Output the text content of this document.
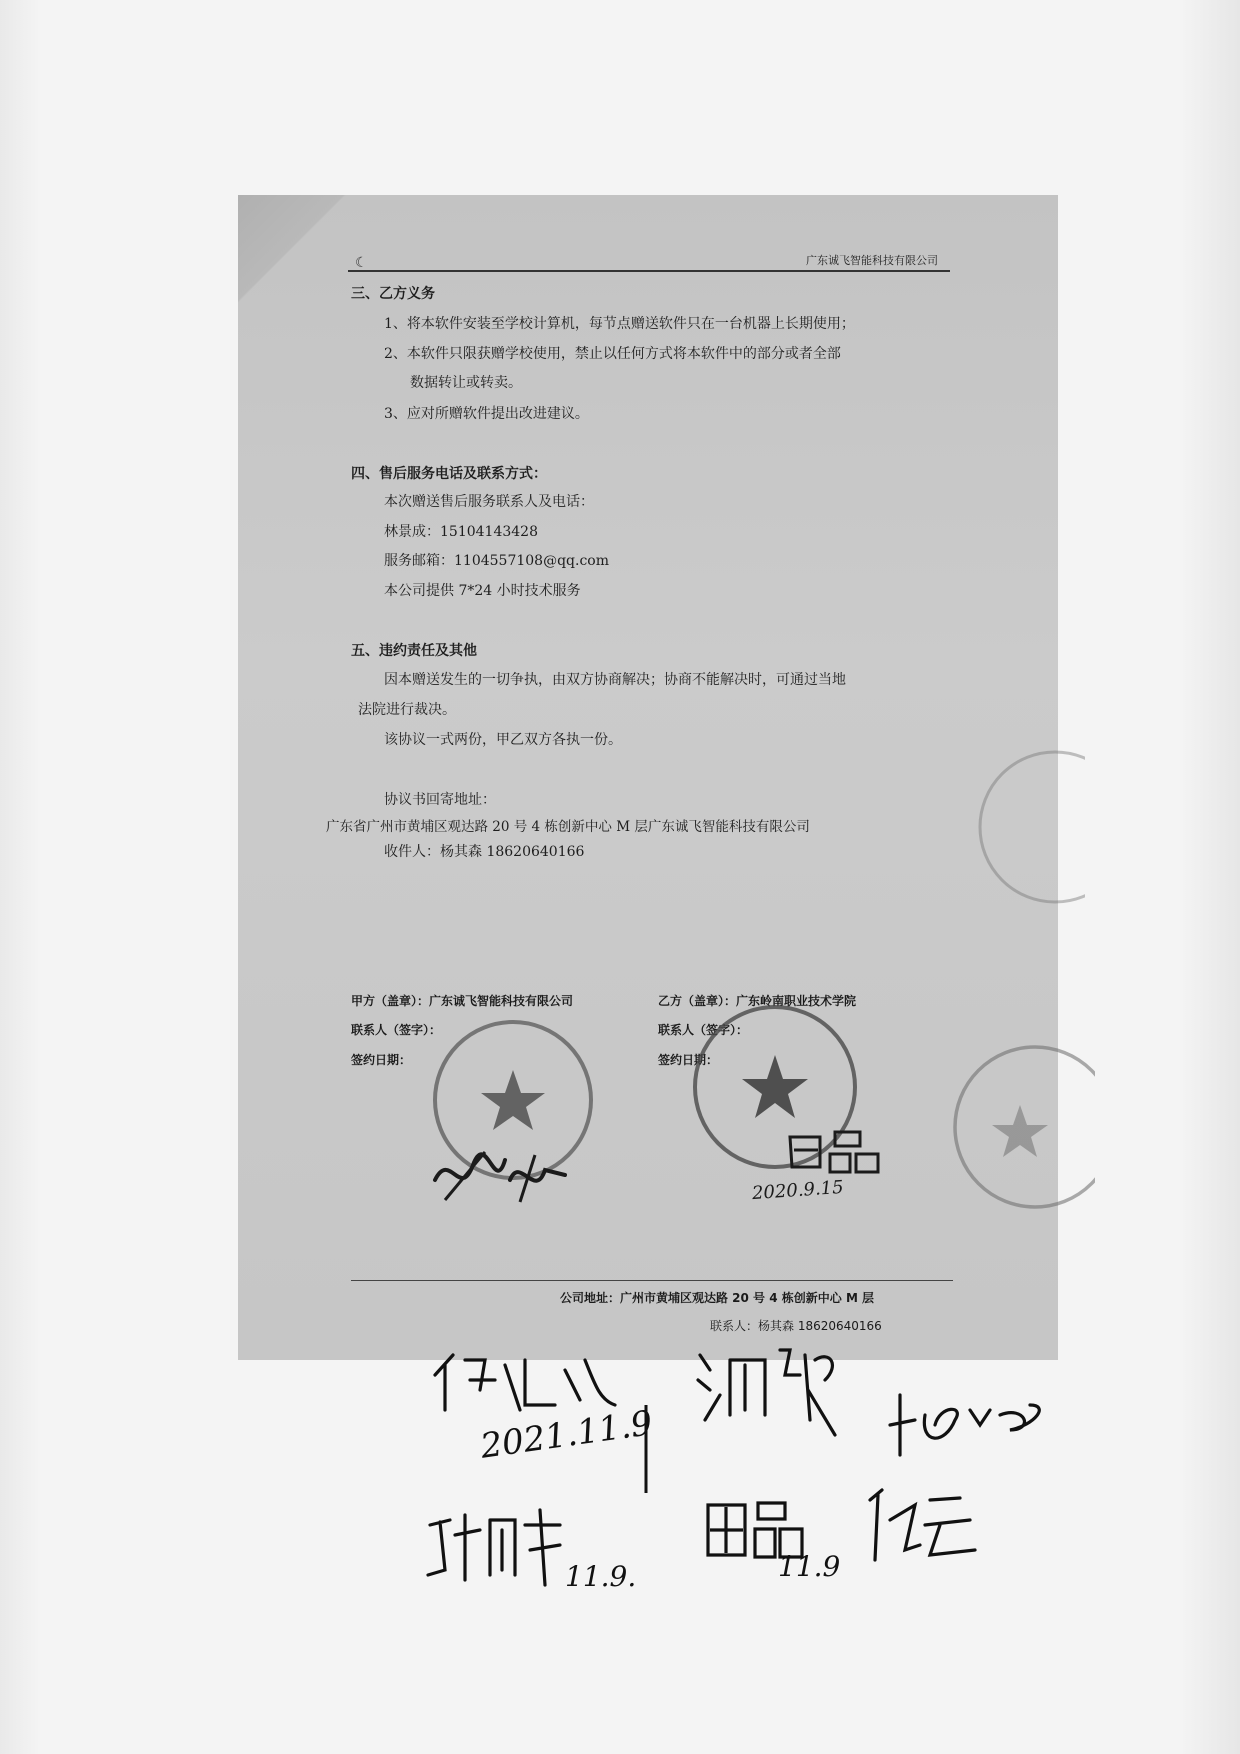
☾	广东诚飞智能科技有限公司
三、乙方义务
1、将本软件安装至学校计算机，每节点赠送软件只在一台机器上长期使用；
2、本软件只限获赠学校使用，禁止以任何方式将本软件中的部分或者全部
数据转让或转卖。
3、应对所赠软件提出改进建议。
四、售后服务电话及联系方式：
本次赠送售后服务联系人及电话：
林景成：15104143428
服务邮箱：1104557108@qq.com
本公司提供 7*24 小时技术服务
五、违约责任及其他
因本赠送发生的一切争执，由双方协商解决；协商不能解决时，可通过当地
法院进行裁决。
该协议一式两份，甲乙双方各执一份。
协议书回寄地址：
广东省广州市黄埔区观达路 20 号 4 栋创新中心 M 层广东诚飞智能科技有限公司
收件人：杨其森 18620640166
甲方（盖章）：广东诚飞智能科技有限公司
联系人（签字）：
签约日期：
乙方（盖章）：广东岭南职业技术学院
联系人（签字）：
签约日期：
公司地址：广州市黄埔区观达路 20 号 4 栋创新中心 M 层
联系人：杨其森 18620640166
2020.9.15
2021.11.9
11.9.	11.9
